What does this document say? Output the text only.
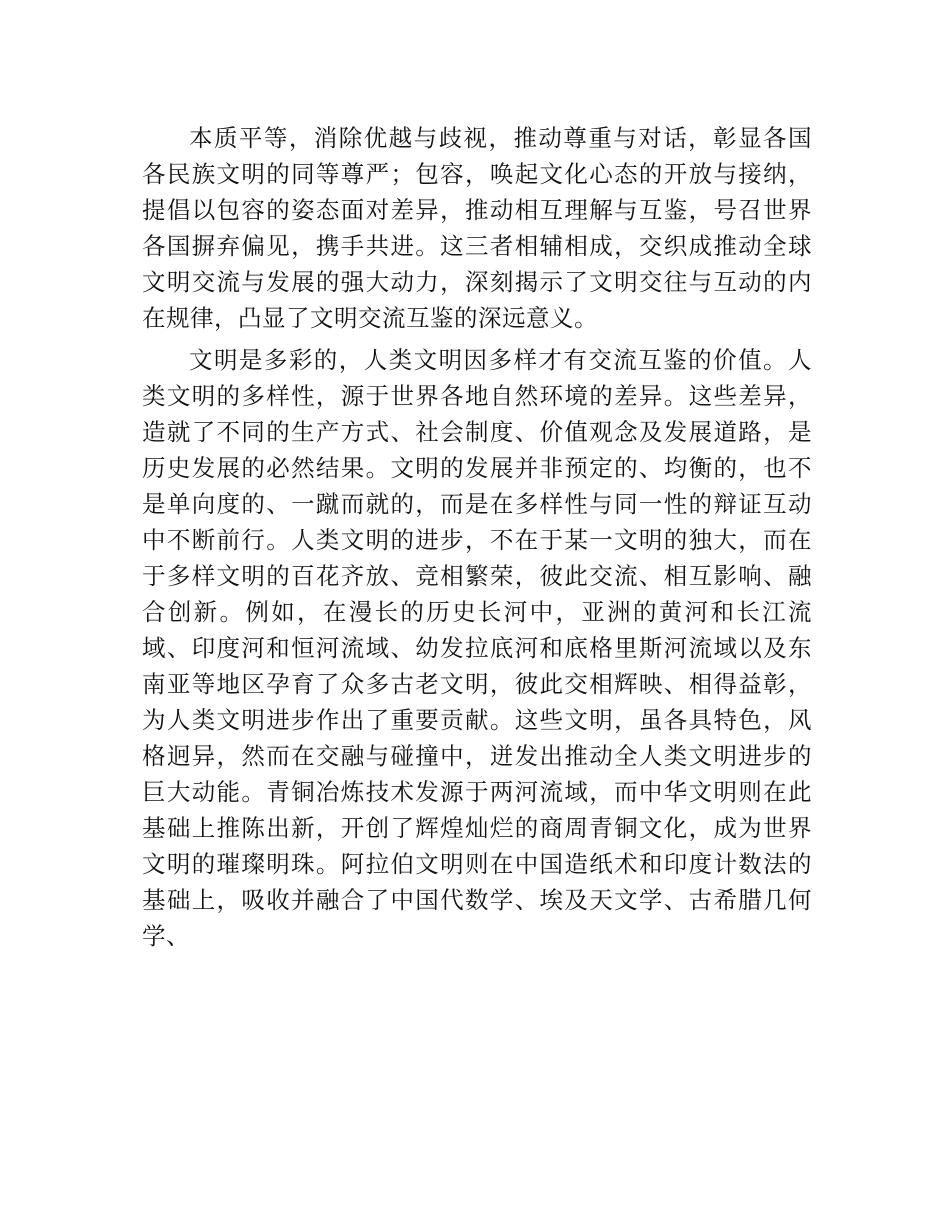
本质平等，消除优越与歧视，推动尊重与对话，彰显各国各民族文明的同等尊严；包容，唤起文化心态的开放与接纳，提倡以包容的姿态面对差异，推动相互理解与互鉴，号召世界各国摒弃偏见，携手共进。这三者相辅相成，交织成推动全球文明交流与发展的强大动力，深刻揭示了文明交往与互动的内在规律，凸显了文明交流互鉴的深远意义。

文明是多彩的，人类文明因多样才有交流互鉴的价值。人类文明的多样性，源于世界各地自然环境的差异。这些差异，造就了不同的生产方式、社会制度、价值观念及发展道路，是历史发展的必然结果。文明的发展并非预定的、均衡的，也不是单向度的、一蹴而就的，而是在多样性与同一性的辩证互动中不断前行。人类文明的进步，不在于某一文明的独大，而在于多样文明的百花齐放、竞相繁荣，彼此交流、相互影响、融合创新。例如，在漫长的历史长河中，亚洲的黄河和长江流域、印度河和恒河流域、幼发拉底河和底格里斯河流域以及东南亚等地区孕育了众多古老文明，彼此交相辉映、相得益彰，为人类文明进步作出了重要贡献。这些文明，虽各具特色，风格迥异，然而在交融与碰撞中，迸发出推动全人类文明进步的巨大动能。青铜冶炼技术发源于两河流域，而中华文明则在此基础上推陈出新，开创了辉煌灿烂的商周青铜文化，成为世界文明的璀璨明珠。阿拉伯文明则在中国造纸术和印度计数法的基础上，吸收并融合了中国代数学、埃及天文学、古希腊几何学、
